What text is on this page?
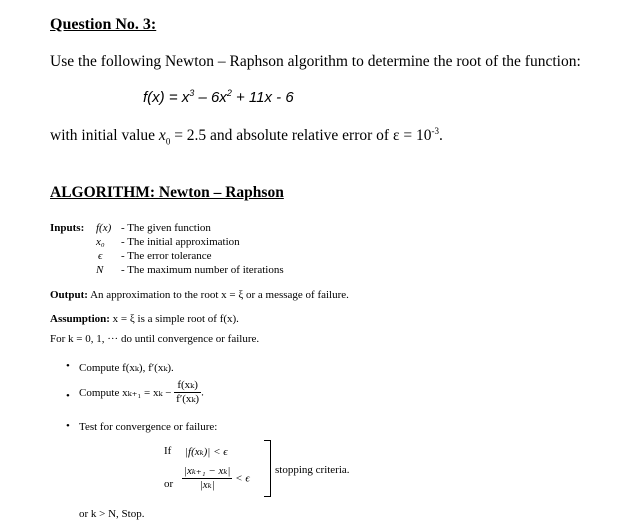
Question No. 3:
Use the following Newton – Raphson algorithm to determine the root of the function:
$f(x) = x^3 - 6x^2 + 11x - 6$
with initial value $x_0 = 2.5$ and absolute relative error of $\varepsilon = 10^{-3}$.
ALGORITHM: Newton – Raphson
Inputs: f(x) - The given function
x₀ - The initial approximation
ϵ - The error tolerance
N - The maximum number of iterations
Output: An approximation to the root x = ξ or a message of failure.
Assumption: x = ξ is a simple root of f(x).
For k = 0, 1, ··· do until convergence or failure.
• Compute f(xₖ), f′(xₖ).
• Compute $x_{k+1} = x_k - \frac{\text{f(xₖ)}}{\text{f′(xₖ)}}$ .
• Test for convergence or failure:
If |f(xₖ)| < ϵ
or $\frac{\text{|xₖ₊₁ − xₖ|}}{\text{|xₖ|}} < \epsilon$
stopping criteria.
or k > N, Stop.
